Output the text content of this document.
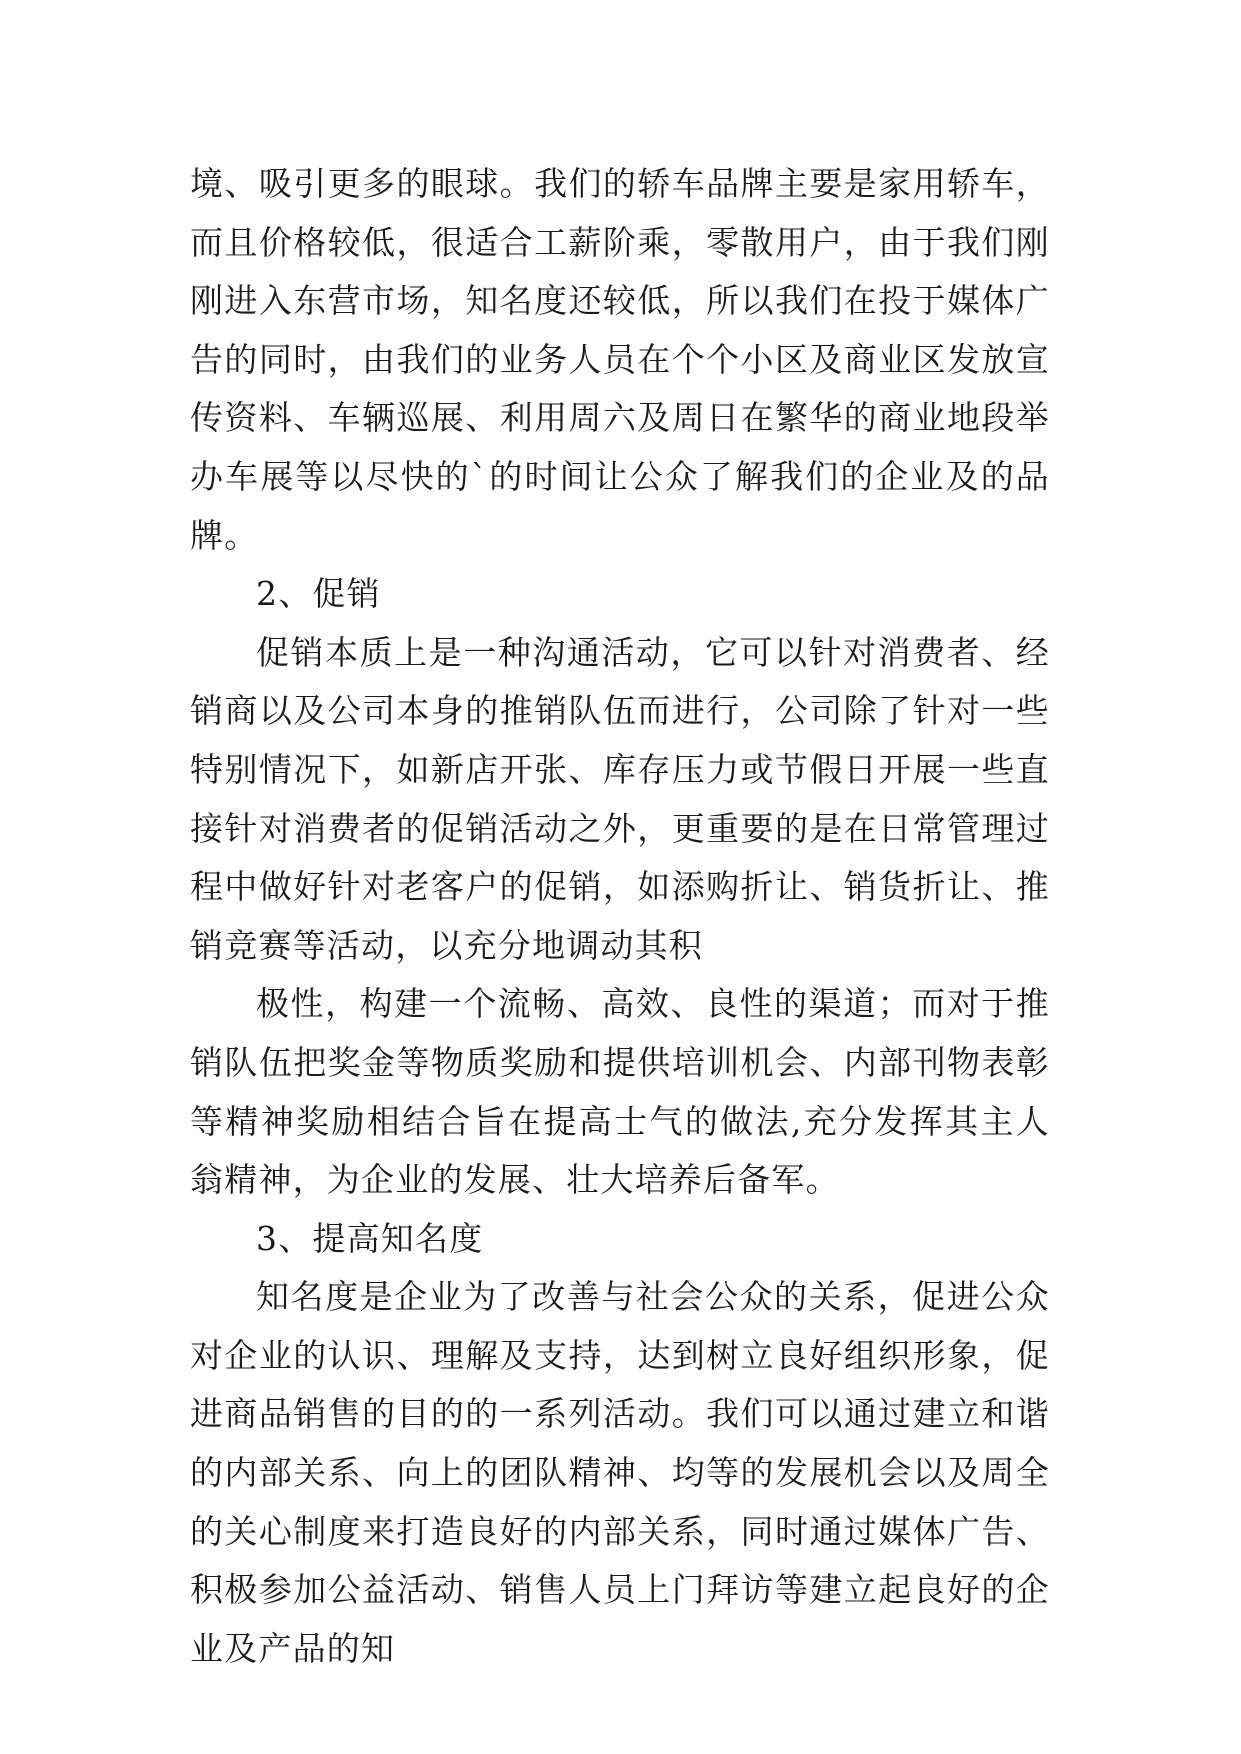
境、吸引更多的眼球。我们的轿车品牌主要是家用轿车，而且价格较低，很适合工薪阶乘，零散用户，由于我们刚刚进入东营市场，知名度还较低，所以我们在投于媒体广告的同时，由我们的业务人员在个个小区及商业区发放宣传资料、车辆巡展、利用周六及周日在繁华的商业地段举办车展等以尽快的`的时间让公众了解我们的企业及的品牌。

2、促销

促销本质上是一种沟通活动，它可以针对消费者、经销商以及公司本身的推销队伍而进行，公司除了针对一些特别情况下，如新店开张、库存压力或节假日开展一些直接针对消费者的促销活动之外，更重要的是在日常管理过程中做好针对老客户的促销，如添购折让、销货折让、推销竞赛等活动，以充分地调动其积

极性，构建一个流畅、高效、良性的渠道；而对于推销队伍把奖金等物质奖励和提供培训机会、内部刊物表彰等精神奖励相结合旨在提高士气的做法,充分发挥其主人翁精神，为企业的发展、壮大培养后备军。

3、提高知名度

知名度是企业为了改善与社会公众的关系，促进公众对企业的认识、理解及支持，达到树立良好组织形象，促进商品销售的目的的一系列活动。我们可以通过建立和谐的内部关系、向上的团队精神、均等的发展机会以及周全的关心制度来打造良好的内部关系，同时通过媒体广告、积极参加公益活动、销售人员上门拜访等建立起良好的企业及产品的知
